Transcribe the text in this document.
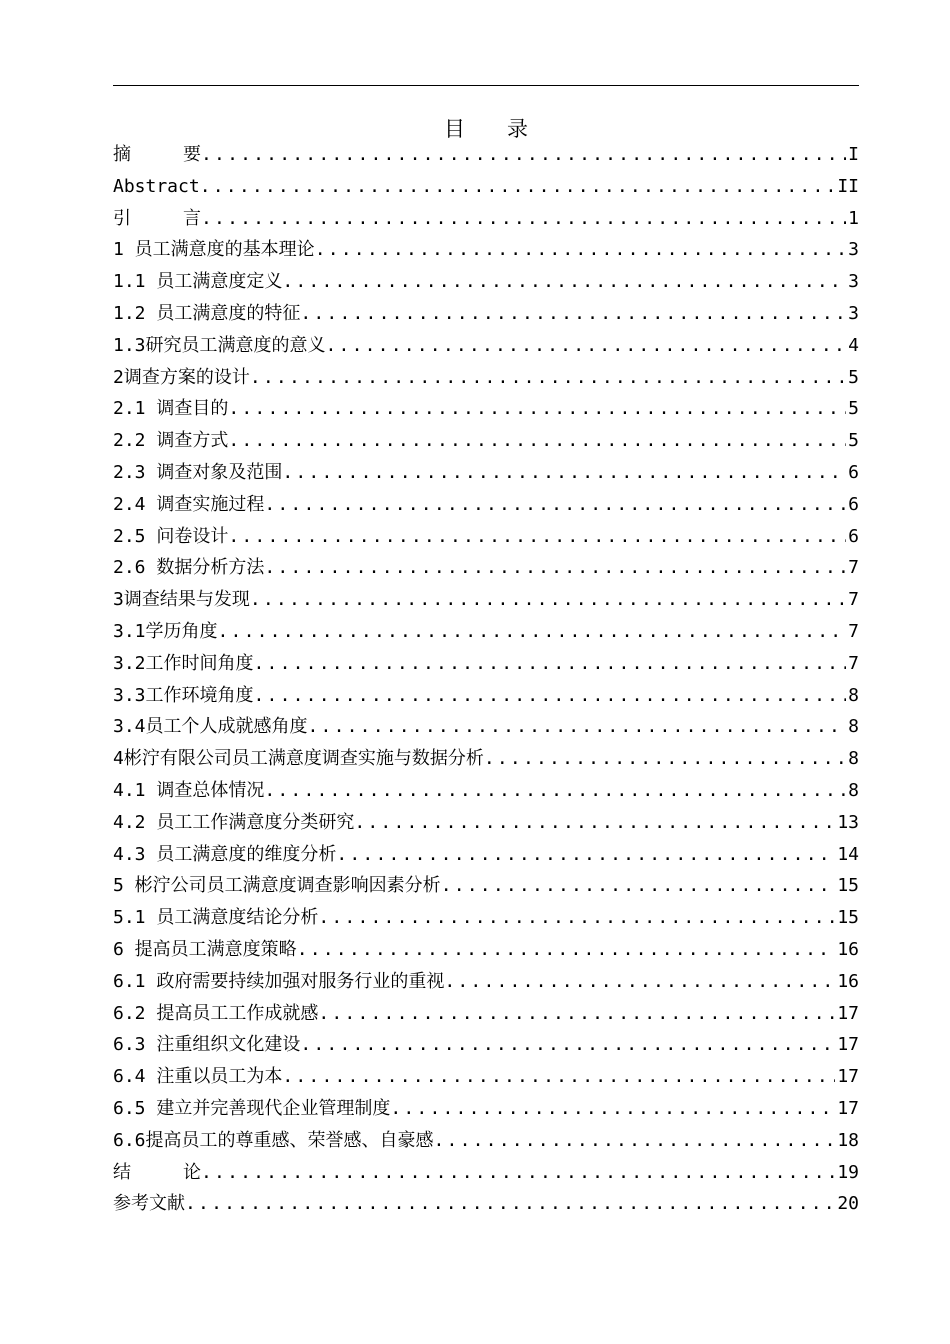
目 录
摘	要 .....	I
Abstract .....	II
引	言 .....	1
1 员工满意度的基本理论 .....	3
1.1 员工满意度定义 .....	3
1.2 员工满意度的特征 .....	3
1.3研究员工满意度的意义 .....	4
2调查方案的设计 .....	5
2.1 调查目的 .....	5
2.2 调查方式 .....	5
2.3 调查对象及范围 .....	6
2.4 调查实施过程 .....	6
2.5 问卷设计 .....	6
2.6 数据分析方法 .....	7
3调查结果与发现 .....	7
3.1学历角度 .....	7
3.2工作时间角度 .....	7
3.3工作环境角度 .....	8
3.4员工个人成就感角度 .....	8
4彬泞有限公司员工满意度调查实施与数据分析 .....	8
4.1 调查总体情况 .....	8
4.2 员工工作满意度分类研究 .....	13
4.3 员工满意度的维度分析 .....	14
5 彬泞公司员工满意度调查影响因素分析 .....	15
5.1 员工满意度结论分析 .....	15
6 提高员工满意度策略 .....	16
6.1 政府需要持续加强对服务行业的重视 .....	16
6.2 提高员工工作成就感 .....	17
6.3 注重组织文化建设 .....	17
6.4 注重以员工为本 .....	17
6.5 建立并完善现代企业管理制度 .....	17
6.6提高员工的尊重感、荣誉感、自豪感 .....	18
结	论 .....	19
参考文献 .....	20
